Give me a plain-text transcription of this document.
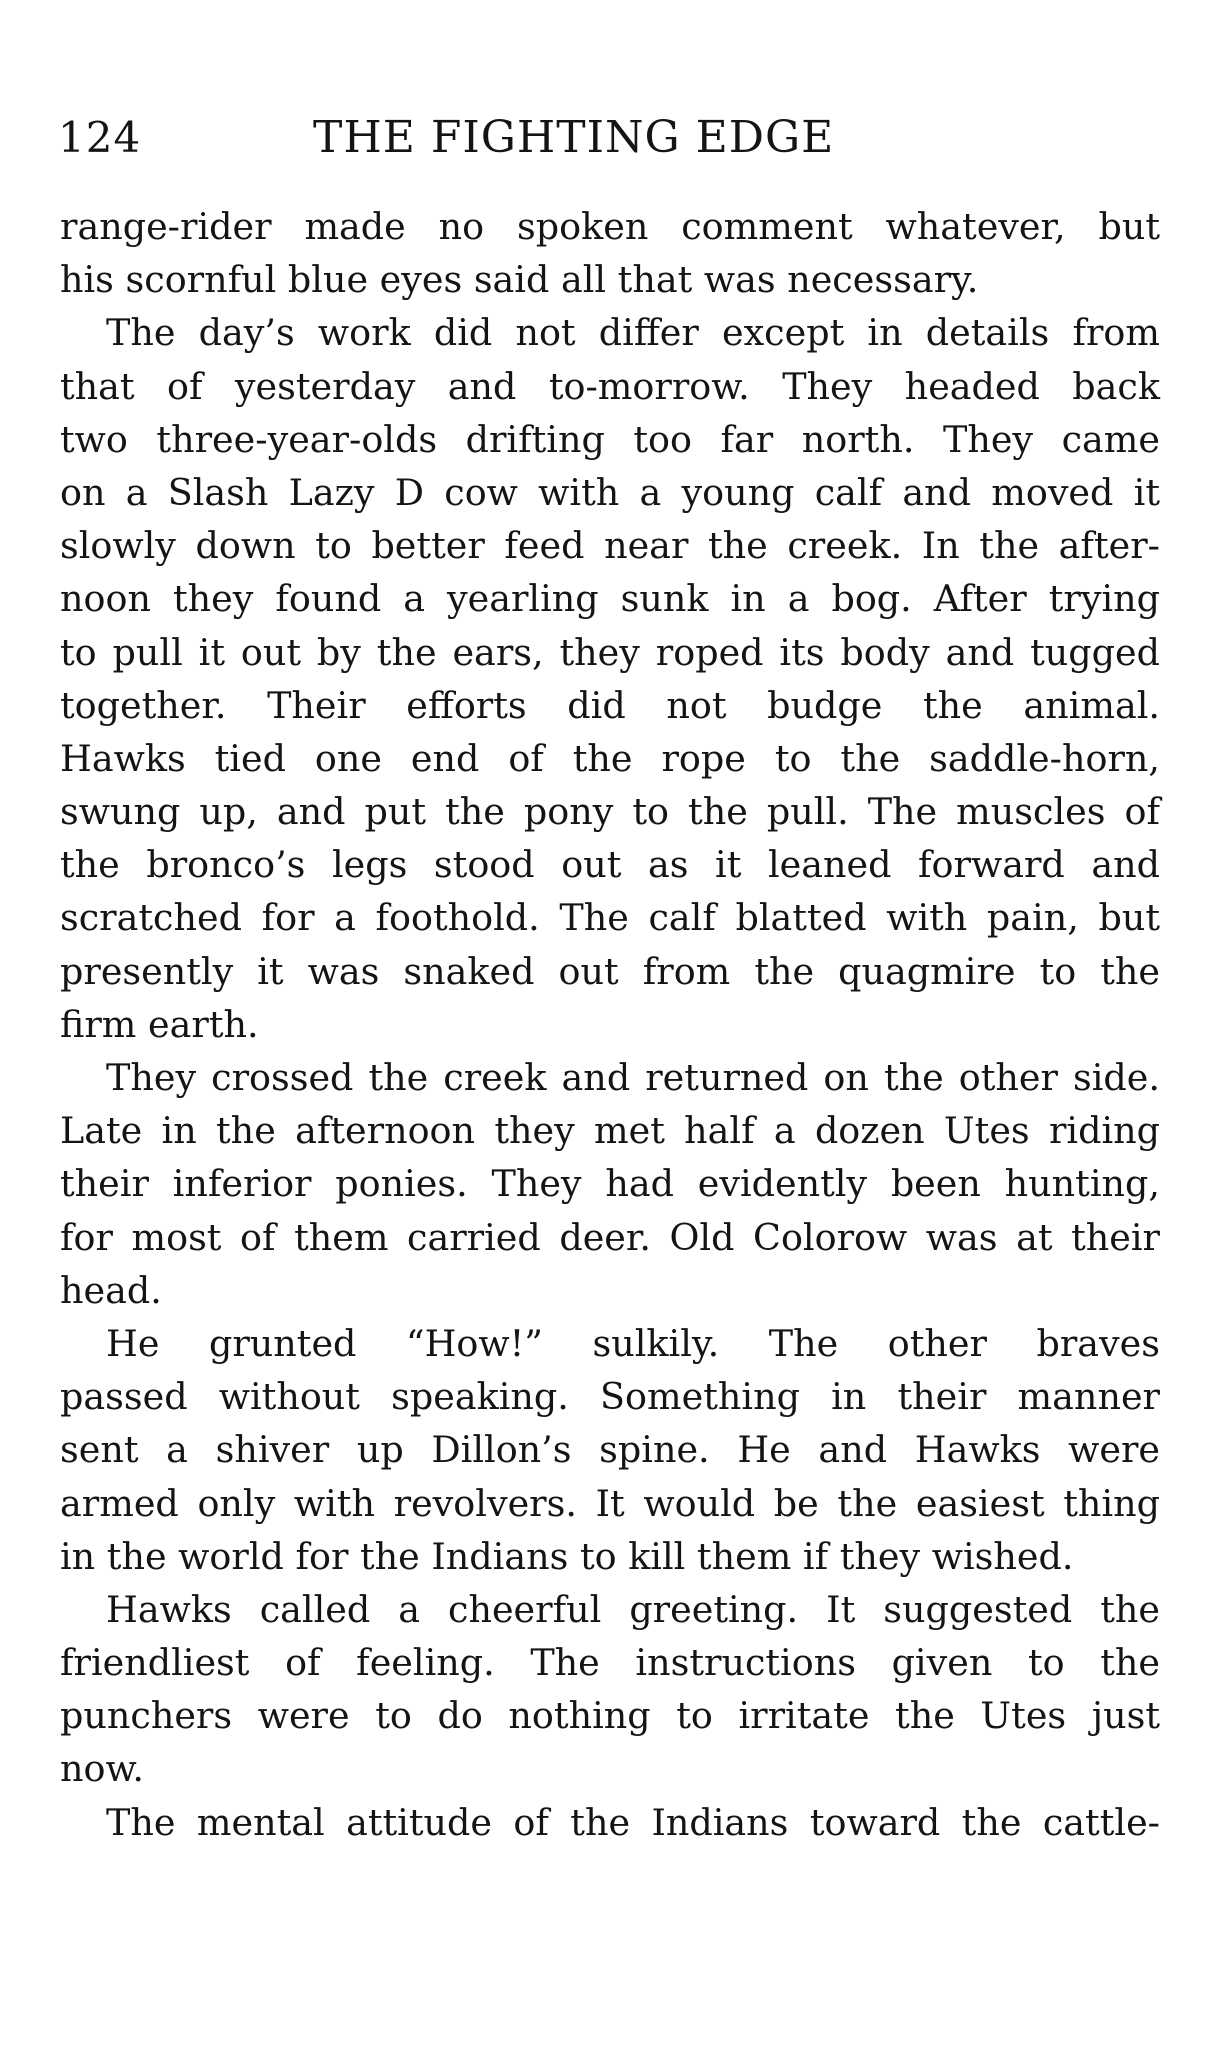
124	THE FIGHTING EDGE
range-rider made no spoken comment whatever, but
his scornful blue eyes said all that was necessary.
The day’s work did not differ except in details from
that of yesterday and to-morrow. They headed back
two three-year-olds drifting too far north. They came
on a Slash Lazy D cow with a young calf and moved it
slowly down to better feed near the creek. In the after-
noon they found a yearling sunk in a bog. After trying
to pull it out by the ears, they roped its body and tugged
together. Their efforts did not budge the animal.
Hawks tied one end of the rope to the saddle-horn,
swung up, and put the pony to the pull. The muscles of
the bronco’s legs stood out as it leaned forward and
scratched for a foothold. The calf blatted with pain, but
presently it was snaked out from the quagmire to the
firm earth.
They crossed the creek and returned on the other side.
Late in the afternoon they met half a dozen Utes riding
their inferior ponies. They had evidently been hunting,
for most of them carried deer. Old Colorow was at their
head.
He grunted “How!” sulkily. The other braves
passed without speaking. Something in their manner
sent a shiver up Dillon’s spine. He and Hawks were
armed only with revolvers. It would be the easiest thing
in the world for the Indians to kill them if they wished.
Hawks called a cheerful greeting. It suggested the
friendliest of feeling. The instructions given to the
punchers were to do nothing to irritate the Utes just
now.
The mental attitude of the Indians toward the cattle-
